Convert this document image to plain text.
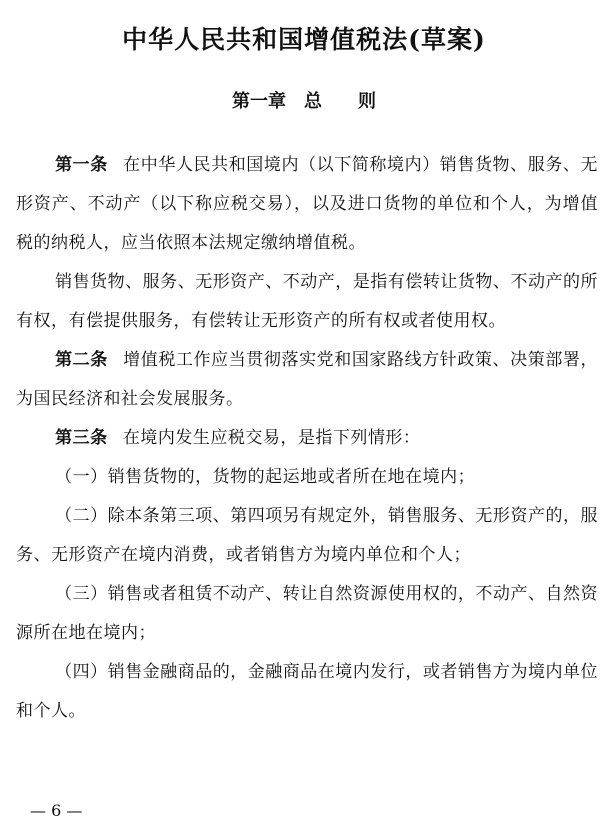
中华人民共和国增值税法(草案)
第一章　总　　则

第一条 在中华人民共和国境内（以下简称境内）销售货物、服务、无形资产、不动产（以下称应税交易），以及进口货物的单位和个人，为增值税的纳税人，应当依照本法规定缴纳增值税。

销售货物、服务、无形资产、不动产，是指有偿转让货物、不动产的所有权，有偿提供服务，有偿转让无形资产的所有权或者使用权。

第二条 增值税工作应当贯彻落实党和国家路线方针政策、决策部署，为国民经济和社会发展服务。

第三条 在境内发生应税交易，是指下列情形：

（一）销售货物的，货物的起运地或者所在地在境内；

（二）除本条第三项、第四项另有规定外，销售服务、无形资产的，服务、无形资产在境内消费，或者销售方为境内单位和个人；

（三）销售或者租赁不动产、转让自然资源使用权的，不动产、自然资源所在地在境内；

（四）销售金融商品的，金融商品在境内发行，或者销售方为境内单位和个人。

— 6 —
